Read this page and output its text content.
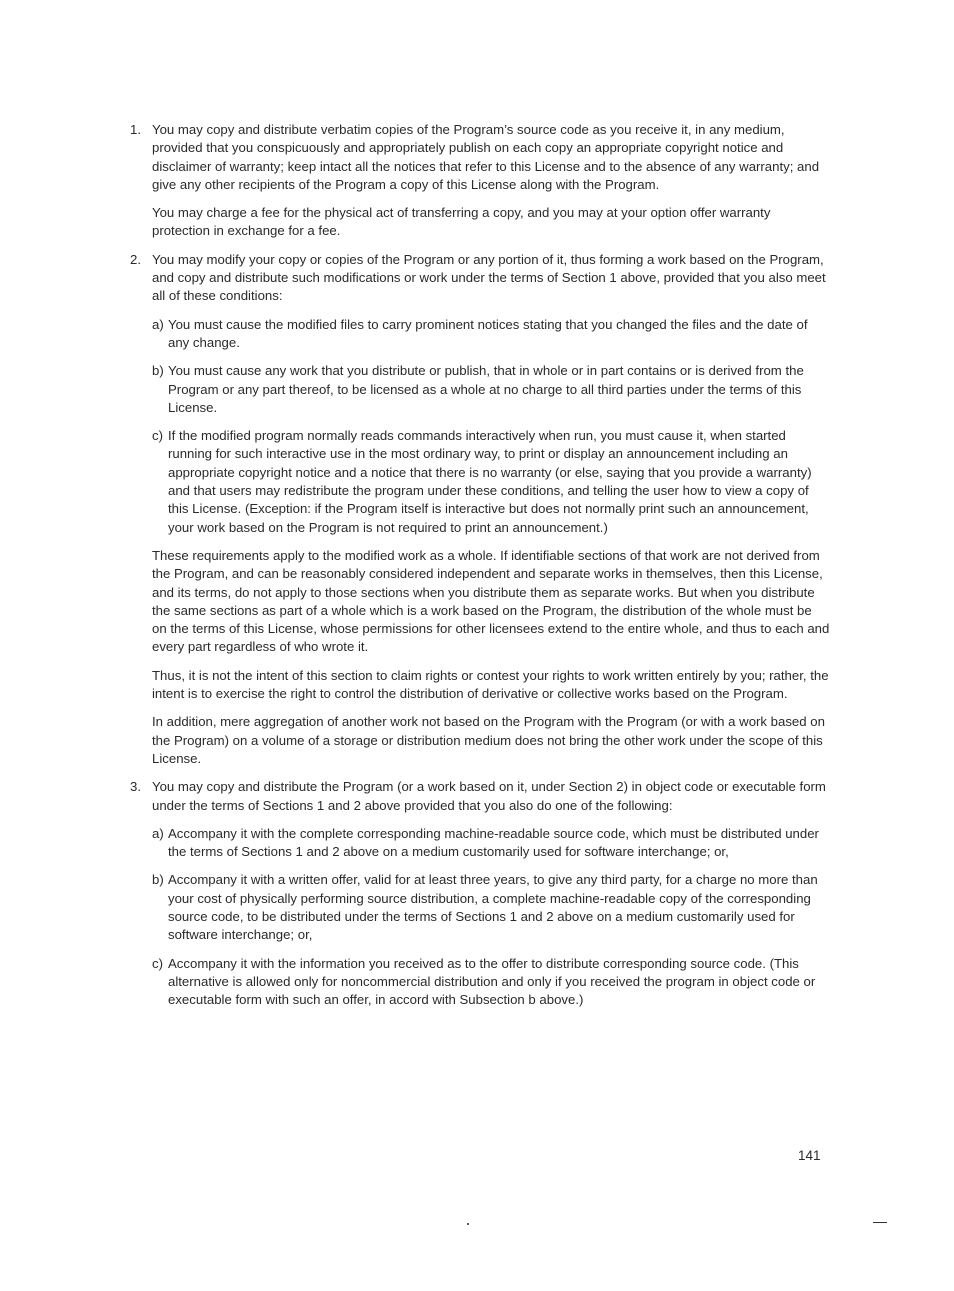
1. You may copy and distribute verbatim copies of the Program’s source code as you receive it, in any medium, provided that you conspicuously and appropriately publish on each copy an appropriate copyright notice and disclaimer of warranty; keep intact all the notices that refer to this License and to the absence of any warranty; and give any other recipients of the Program a copy of this License along with the Program.

You may charge a fee for the physical act of transferring a copy, and you may at your option offer warranty protection in exchange for a fee.

2. You may modify your copy or copies of the Program or any portion of it, thus forming a work based on the Program, and copy and distribute such modifications or work under the terms of Section 1 above, provided that you also meet all of these conditions:

a) You must cause the modified files to carry prominent notices stating that you changed the files and the date of any change.
b) You must cause any work that you distribute or publish, that in whole or in part contains or is derived from the Program or any part thereof, to be licensed as a whole at no charge to all third parties under the terms of this License.
c) If the modified program normally reads commands interactively when run, you must cause it, when started running for such interactive use in the most ordinary way, to print or display an announcement including an appropriate copyright notice and a notice that there is no warranty (or else, saying that you provide a warranty) and that users may redistribute the program under these conditions, and telling the user how to view a copy of this License. (Exception: if the Program itself is interactive but does not normally print such an announcement, your work based on the Program is not required to print an announcement.)

These requirements apply to the modified work as a whole. If identifiable sections of that work are not derived from the Program, and can be reasonably considered independent and separate works in themselves, then this License, and its terms, do not apply to those sections when you distribute them as separate works. But when you distribute the same sections as part of a whole which is a work based on the Program, the distribution of the whole must be on the terms of this License, whose permissions for other licensees extend to the entire whole, and thus to each and every part regardless of who wrote it.

Thus, it is not the intent of this section to claim rights or contest your rights to work written entirely by you; rather, the intent is to exercise the right to control the distribution of derivative or collective works based on the Program.

In addition, mere aggregation of another work not based on the Program with the Program (or with a work based on the Program) on a volume of a storage or distribution medium does not bring the other work under the scope of this License.

3. You may copy and distribute the Program (or a work based on it, under Section 2) in object code or executable form under the terms of Sections 1 and 2 above provided that you also do one of the following:

a) Accompany it with the complete corresponding machine-readable source code, which must be distributed under the terms of Sections 1 and 2 above on a medium customarily used for software interchange; or,
b) Accompany it with a written offer, valid for at least three years, to give any third party, for a charge no more than your cost of physically performing source distribution, a complete machine-readable copy of the corresponding source code, to be distributed under the terms of Sections 1 and 2 above on a medium customarily used for software interchange; or,
c) Accompany it with the information you received as to the offer to distribute corresponding source code. (This alternative is allowed only for noncommercial distribution and only if you received the program in object code or executable form with such an offer, in accord with Subsection b above.)
141
